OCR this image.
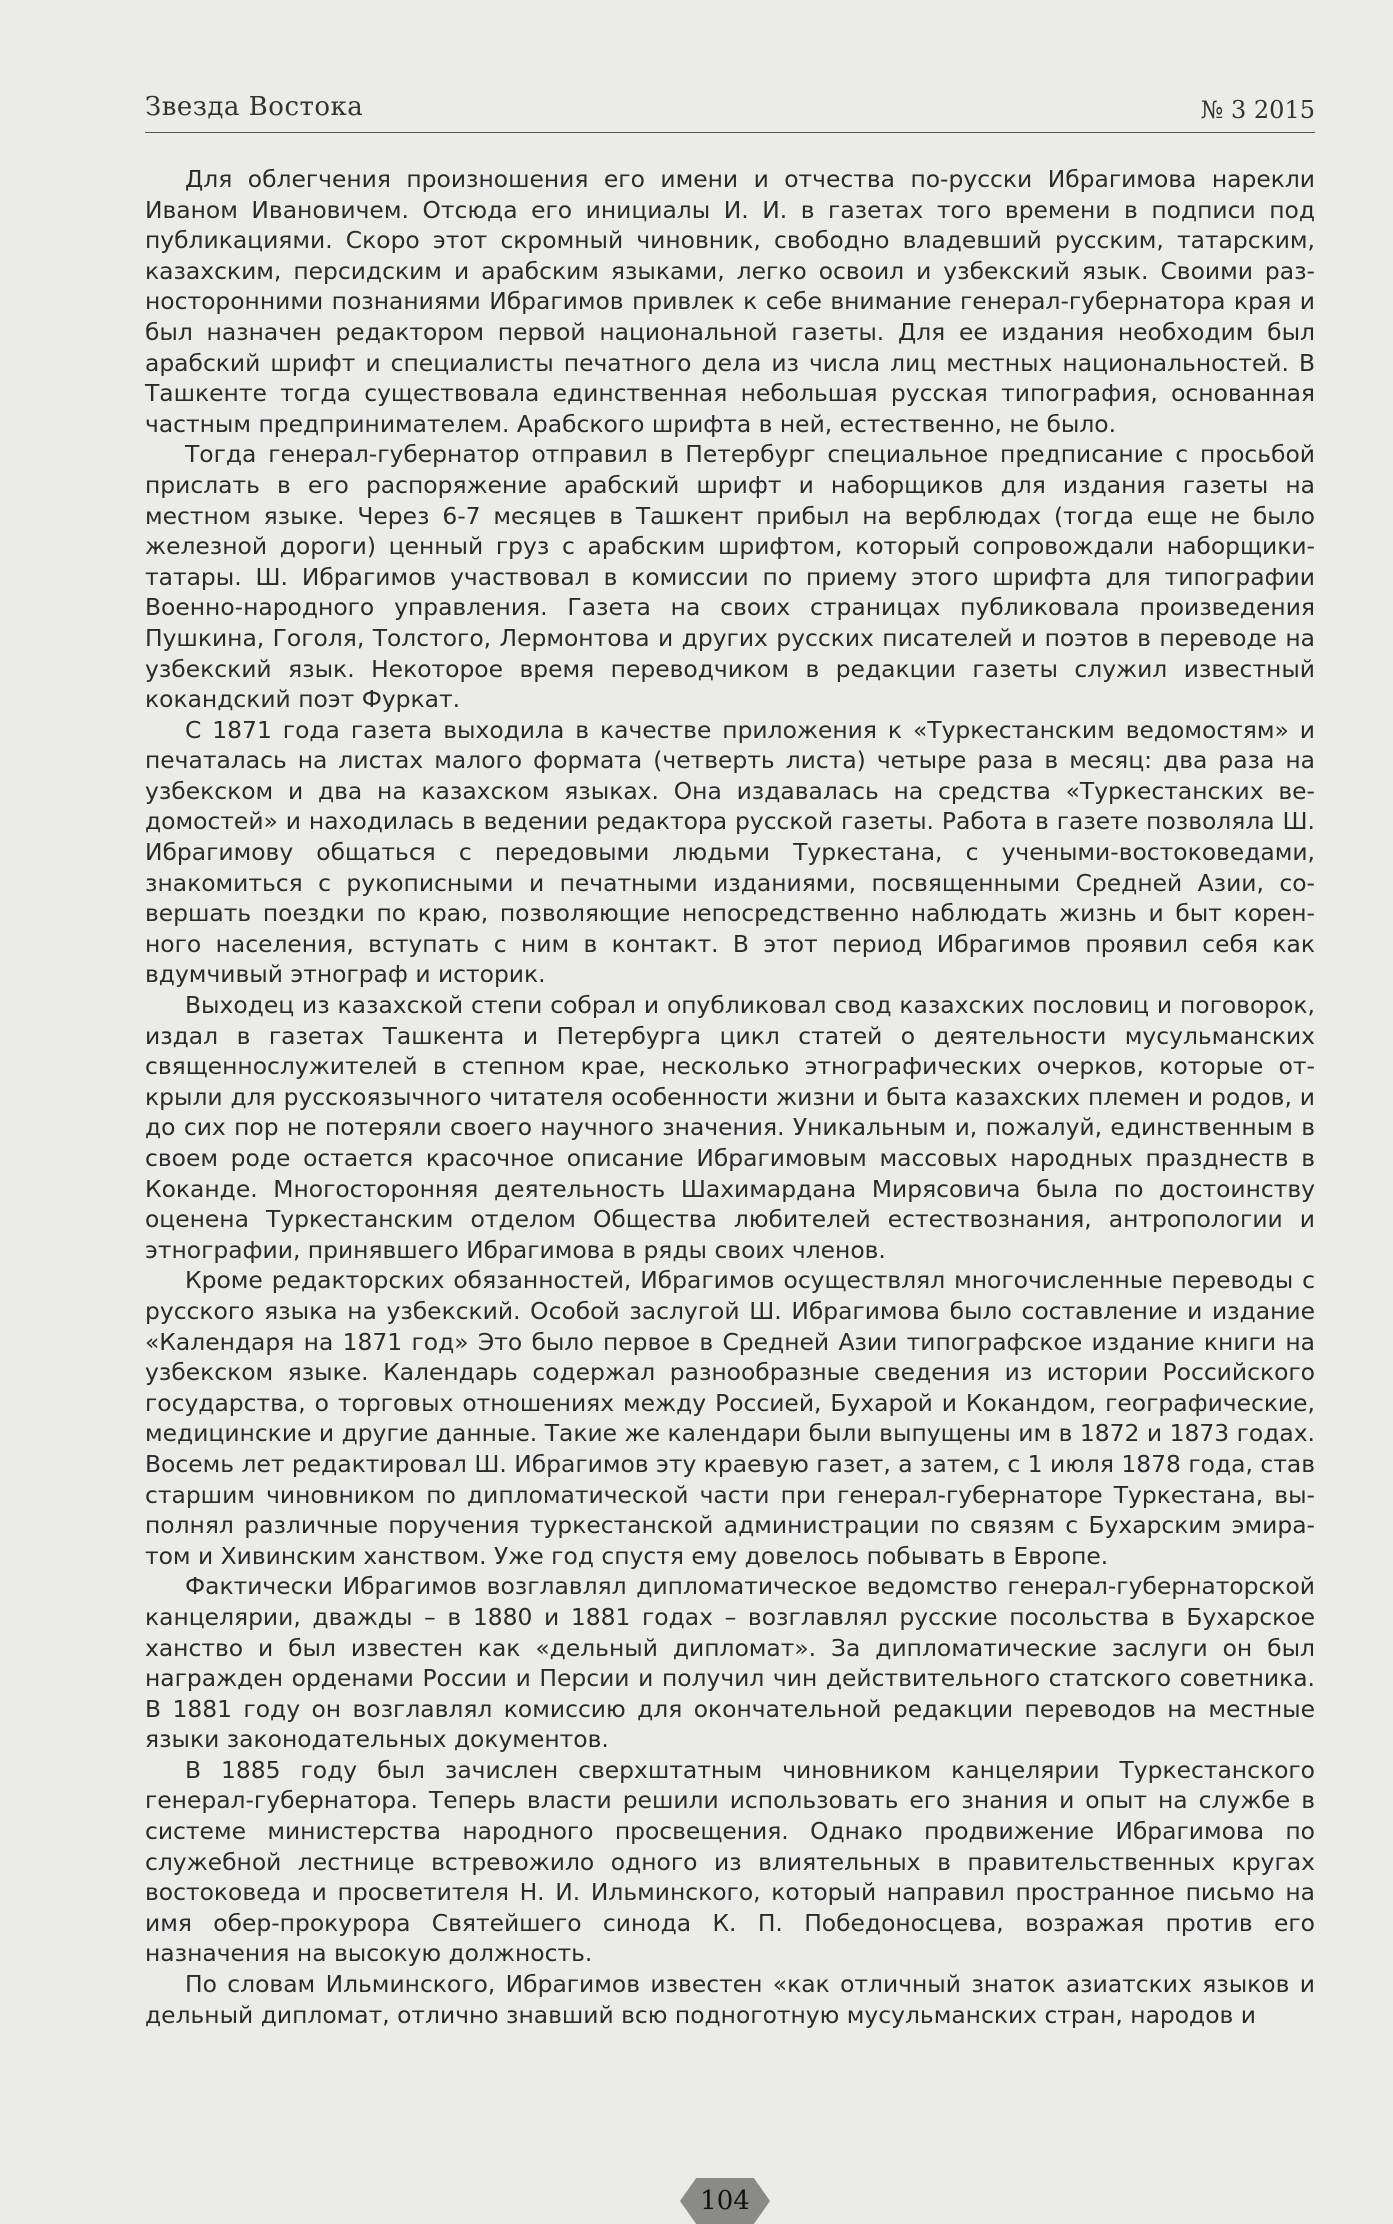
Звезда Востока	№ 3 2015

Для облегчения произношения его имени и отчества по-русски Ибрагимова нарекли Иваном Ивановичем. Отсюда его инициалы И. И. в газетах того времени в подписи под публикациями. Скоро этот скромный чиновник, свободно владевший русским, татарским, казахским, персидским и арабским языками, легко освоил и узбекский язык. Своими разносторонними познаниями Ибрагимов привлек к себе внимание генерал-губернатора края и был назначен редактором первой национальной газеты. Для ее издания необходим был арабский шрифт и специалисты печатного дела из числа лиц местных национальностей. В Ташкенте тогда существовала единственная небольшая русская типография, основанная частным предпринимателем. Арабского шрифта в ней, естественно, не было.

Тогда генерал-губернатор отправил в Петербург специальное предписание с просьбой прислать в его распоряжение арабский шрифт и наборщиков для издания газеты на местном языке. Через 6-7 месяцев в Ташкент прибыл на верблюдах (тогда еще не было железной дороги) ценный груз с арабским шрифтом, который сопровождали наборщики-татары. Ш. Ибрагимов участвовал в комиссии по приему этого шрифта для типографии Военно-народного управления. Газета на своих страницах публиковала произведения Пушкина, Гоголя, Толстого, Лермонтова и других русских писателей и поэтов в переводе на узбекский язык. Некоторое время переводчиком в редакции газеты служил известный кокандский поэт Фуркат.

С 1871 года газета выходила в качестве приложения к «Туркестанским ведомостям» и печаталась на листах малого формата (четверть листа) четыре раза в месяц: два раза на узбекском и два на казахском языках. Она издавалась на средства «Туркестанских ведомостей» и находилась в ведении редактора русской газеты. Работа в газете позволяла Ш. Ибрагимову общаться с передовыми людьми Туркестана, с учеными-востоковедами, знакомиться с рукописными и печатными изданиями, посвященными Средней Азии, совершать поездки по краю, позволяющие непосредственно наблюдать жизнь и быт коренного населения, вступать с ним в контакт. В этот период Ибрагимов проявил себя как вдумчивый этнограф и историк.

Выходец из казахской степи собрал и опубликовал свод казахских пословиц и поговорок, издал в газетах Ташкента и Петербурга цикл статей о деятельности мусульманских священнослужителей в степном крае, несколько этнографических очерков, которые открыли для русскоязычного читателя особенности жизни и быта казахских племен и родов, и до сих пор не потеряли своего научного значения. Уникальным и, пожалуй, единственным в своем роде остается красочное описание Ибрагимовым массовых народных празднеств в Коканде. Многосторонняя деятельность Шахимардана Мирясовича была по достоинству оценена Туркестанским отделом Общества любителей естествознания, антропологии и этнографии, принявшего Ибрагимова в ряды своих членов.

Кроме редакторских обязанностей, Ибрагимов осуществлял многочисленные переводы с русского языка на узбекский. Особой заслугой Ш. Ибрагимова было составление и издание «Календаря на 1871 год» Это было первое в Средней Азии типографское издание книги на узбекском языке. Календарь содержал разнообразные сведения из истории Российского государства, о торговых отношениях между Россией, Бухарой и Кокандом, географические, медицинские и другие данные. Такие же календари были выпущены им в 1872 и 1873 годах. Восемь лет редактировал Ш. Ибрагимов эту краевую газет, а затем, с 1 июля 1878 года, став старшим чиновником по дипломатической части при генерал-губернаторе Туркестана, выполнял различные поручения туркестанской администрации по связям с Бухарским эмиратом и Хивинским ханством. Уже год спустя ему довелось побывать в Европе.

Фактически Ибрагимов возглавлял дипломатическое ведомство генерал-губернаторской канцелярии, дважды – в 1880 и 1881 годах – возглавлял русские посольства в Бухарское ханство и был известен как «дельный дипломат». За дипломатические заслуги он был награжден орденами России и Персии и получил чин действительного статского советника. В 1881 году он возглавлял комиссию для окончательной редакции переводов на местные языки законодательных документов.

В 1885 году был зачислен сверхштатным чиновником канцелярии Туркестанского генерал-губернатора. Теперь власти решили использовать его знания и опыт на службе в системе министерства народного просвещения. Однако продвижение Ибрагимова по служебной лестнице встревожило одного из влиятельных в правительственных кругах востоковеда и просветителя Н. И. Ильминского, который направил пространное письмо на имя обер-прокурора Святейшего синода К. П. Победоносцева, возражая против его назначения на высокую должность.

По словам Ильминского, Ибрагимов известен «как отличный знаток азиатских языков и дельный дипломат, отлично знавший всю подноготную мусульманских стран, народов и

104
